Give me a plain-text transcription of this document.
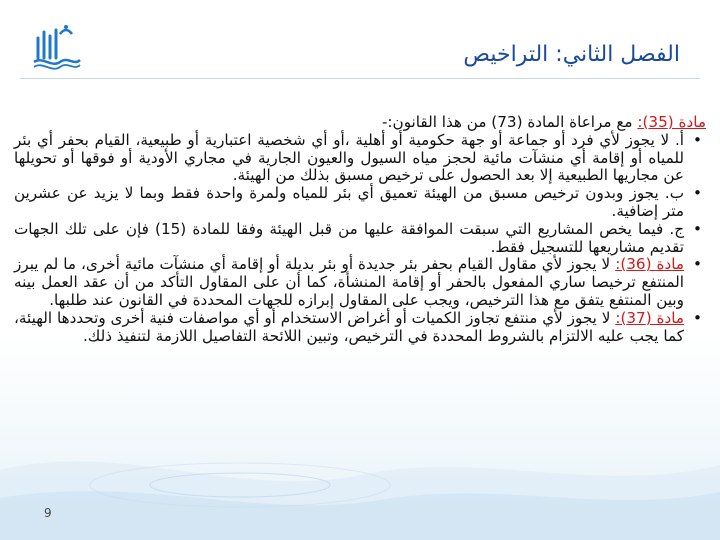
الفصل الثاني: التراخيص

مادة (35): مع مراعاة المادة (73) من هذا القانون:-

•
أ. لا يجوز لأي فرد أو جماعة أو جهة حكومية أو أهلية ،أو أي شخصية اعتبارية أو طبيعية، القيام بحفر أي بئر للمياه أو إقامة أي منشآت مائية لحجز مياه السيول والعيون الجارية في مجاري الأودية أو فوقها أو تحويلها عن مجاريها الطبيعية إلا بعد الحصول على ترخيص مسبق بذلك من الهيئة.

•
ب. يجوز وبدون ترخيص مسبق من الهيئة تعميق أي بئر للمياه ولمرة واحدة فقط وبما لا يزيد عن عشرين متر إضافية.

•
ج. فيما يخص المشاريع التي سبقت الموافقة عليها من قبل الهيئة وفقا للمادة (15) فإن على تلك الجهات تقديم مشاريعها للتسجيل فقط.

•
مادة (36): لا يجوز لأي مقاول القيام بحفر بئر جديدة أو بئر بديلة أو إقامة أي منشآت مائية أخرى، ما لم يبرز المنتفع ترخيصا ساري المفعول بالحفر أو إقامة المنشأة، كما أن على المقاول التأكد من أن عقد العمل بينه وبين المنتفع يتفق مع هذا الترخيص، ويجب على المقاول إبرازه للجهات المحددة في القانون عند طلبها.

•
مادة (37): لا يجوز لأي منتفع تجاوز الكميات أو أغراض الاستخدام أو أي مواصفات فنية أخرى وتحددها الهيئة، كما يجب عليه الالتزام بالشروط المحددة في الترخيص، وتبين اللائحة التفاصيل اللازمة لتنفيذ ذلك.

9
